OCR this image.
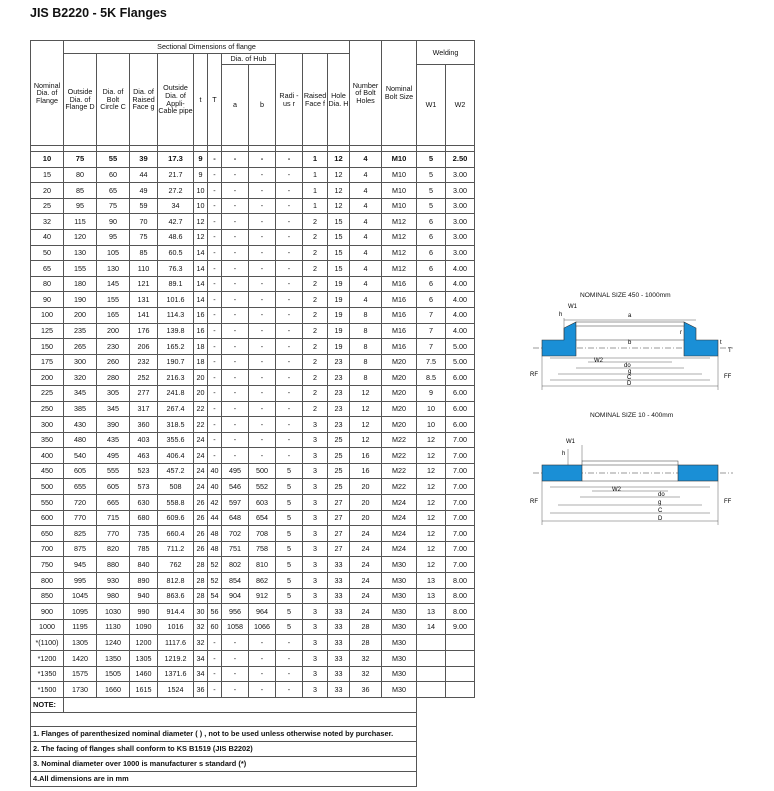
JIS B2220 - 5K Flanges
Nominal Dia. of Flange	Sectional Dimensions of flange											Number of Bolt Holes	Nominal Bolt Size	Welding	
	Outside Dia. of Flange D	Dia. of Bolt Circle C	Dia. of Raised Face g	Outside Dia. of Appli-Cable pipe	t	T	Dia. of Hub		Radi -us r	Raised Face f	Hole Dia. H				
							a	b						W1	W2

10	75	55	39	17.3	9	-	-	-	-	1	12	4	M10	5	2.50
15	80	60	44	21.7	9	-	-	-	-	1	12	4	M10	5	3.00
20	85	65	49	27.2	10	-	-	-	-	1	12	4	M10	5	3.00
25	95	75	59	34	10	-	-	-	-	1	12	4	M10	5	3.00
32	115	90	70	42.7	12	-	-	-	-	2	15	4	M12	6	3.00
40	120	95	75	48.6	12	-	-	-	-	2	15	4	M12	6	3.00
50	130	105	85	60.5	14	-	-	-	-	2	15	4	M12	6	3.00
65	155	130	110	76.3	14	-	-	-	-	2	15	4	M12	6	4.00
80	180	145	121	89.1	14	-	-	-	-	2	19	4	M16	6	4.00
90	190	155	131	101.6	14	-	-	-	-	2	19	4	M16	6	4.00
100	200	165	141	114.3	16	-	-	-	-	2	19	8	M16	7	4.00
125	235	200	176	139.8	16	-	-	-	-	2	19	8	M16	7	4.00
150	265	230	206	165.2	18	-	-	-	-	2	19	8	M16	7	5.00
175	300	260	232	190.7	18	-	-	-	-	2	23	8	M20	7.5	5.00
200	320	280	252	216.3	20	-	-	-	-	2	23	8	M20	8.5	6.00
225	345	305	277	241.8	20	-	-	-	-	2	23	12	M20	9	6.00
250	385	345	317	267.4	22	-	-	-	-	2	23	12	M20	10	6.00
300	430	390	360	318.5	22	-	-	-	-	3	23	12	M20	10	6.00
350	480	435	403	355.6	24	-	-	-	-	3	25	12	M22	12	7.00
400	540	495	463	406.4	24	-	-	-	-	3	25	16	M22	12	7.00
450	605	555	523	457.2	24	40	495	500	5	3	25	16	M22	12	7.00
500	655	605	573	508	24	40	546	552	5	3	25	20	M22	12	7.00
550	720	665	630	558.8	26	42	597	603	5	3	27	20	M24	12	7.00
600	770	715	680	609.6	26	44	648	654	5	3	27	20	M24	12	7.00
650	825	770	735	660.4	26	48	702	708	5	3	27	24	M24	12	7.00
700	875	820	785	711.2	26	48	751	758	5	3	27	24	M24	12	7.00
750	945	880	840	762	28	52	802	810	5	3	33	24	M30	12	7.00
800	995	930	890	812.8	28	52	854	862	5	3	33	24	M30	13	8.00
850	1045	980	940	863.6	28	54	904	912	5	3	33	24	M30	13	8.00
900	1095	1030	990	914.4	30	56	956	964	5	3	33	24	M30	13	8.00
1000	1195	1130	1090	1016	32	60	1058	1066	5	3	33	28	M30	14	9.00
*(1100)	1305	1240	1200	1117.6	32	-	-	-	-	3	33	28	M30		
*1200	1420	1350	1305	1219.2	34	-	-	-	-	3	33	32	M30		
*1350	1575	1505	1460	1371.6	34	-	-	-	-	3	33	32	M30		
*1500	1730	1660	1615	1524	36	-	-	-	-	3	33	36	M30		
NOTE:															

1. Flanges of parenthesized nominal diameter ( ) , not to be used unless otherwise noted by purchaser.															
2. The facing of flanges shall conform to KS B1519 (JIS B2202)															
3. Nominal diameter over 1000 is manufacturer s standard (*)															
4.All dimensions are in mm															
NOMINAL SIZE 450 - 1000mm
W1
h	a
r
b	t
T
W2
do
g
C
D
RF	FF
NOMINAL SIZE 10 - 400mm
W1
h
W2
do
g
C
D
RF	FF
